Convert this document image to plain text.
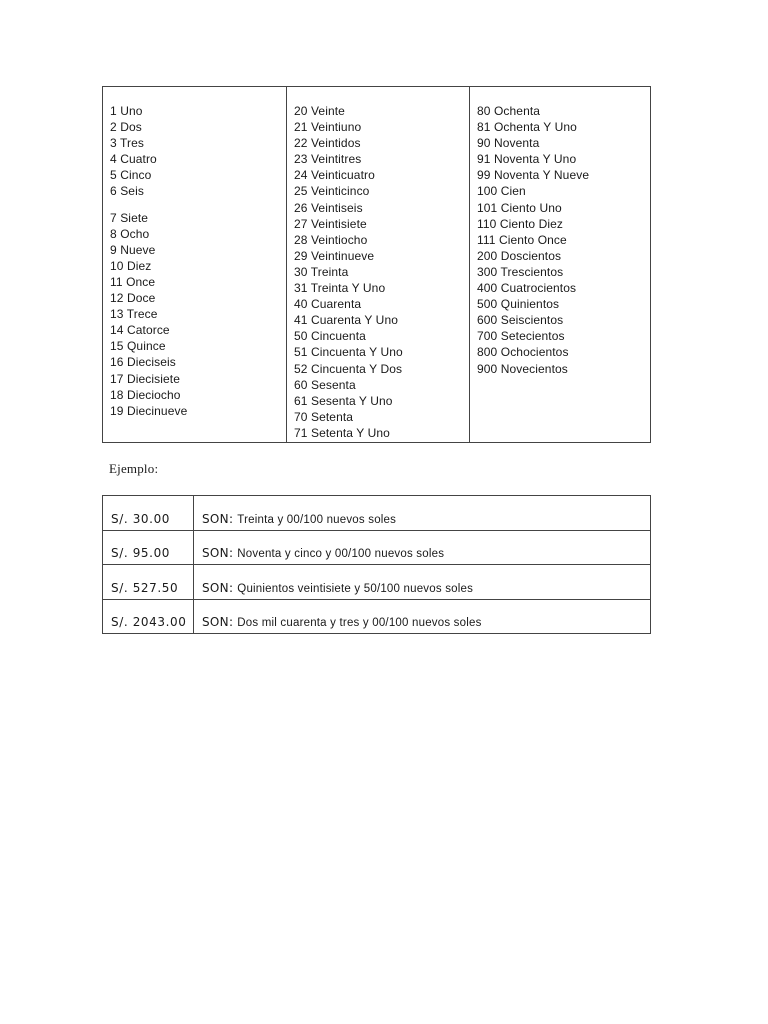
1 Uno
2 Dos
3 Tres
4 Cuatro
5 Cinco
6 Seis
7 Siete
8 Ocho
9 Nueve
10 Diez
11 Once
12 Doce
13 Trece
14 Catorce
15 Quince
16 Dieciseis
17 Diecisiete
18 Dieciocho
19 Diecinueve
20 Veinte
21 Veintiuno
22 Veintidos
23 Veintitres
24 Veinticuatro
25 Veinticinco
26 Veintiseis
27 Veintisiete
28 Veintiocho
29 Veintinueve
30 Treinta
31 Treinta Y Uno
40 Cuarenta
41 Cuarenta Y Uno
50 Cincuenta
51 Cincuenta Y Uno
52 Cincuenta Y Dos
60 Sesenta
61 Sesenta Y Uno
70 Setenta
71 Setenta Y Uno
80 Ochenta
81 Ochenta Y Uno
90 Noventa
91 Noventa Y Uno
99 Noventa Y Nueve
100 Cien
101 Ciento Uno
110 Ciento Diez
111 Ciento Once
200 Doscientos
300 Trescientos
400 Cuatrocientos
500 Quinientos
600 Seiscientos
700 Setecientos
800 Ochocientos
900 Novecientos
Ejemplo:
S/. 30.00	SON: Treinta y 00/100 nuevos soles
S/. 95.00	SON: Noventa y cinco y 00/100 nuevos soles
S/. 527.50	SON: Quinientos veintisiete y 50/100 nuevos soles
S/. 2043.00	SON: Dos mil cuarenta y tres y 00/100 nuevos soles
